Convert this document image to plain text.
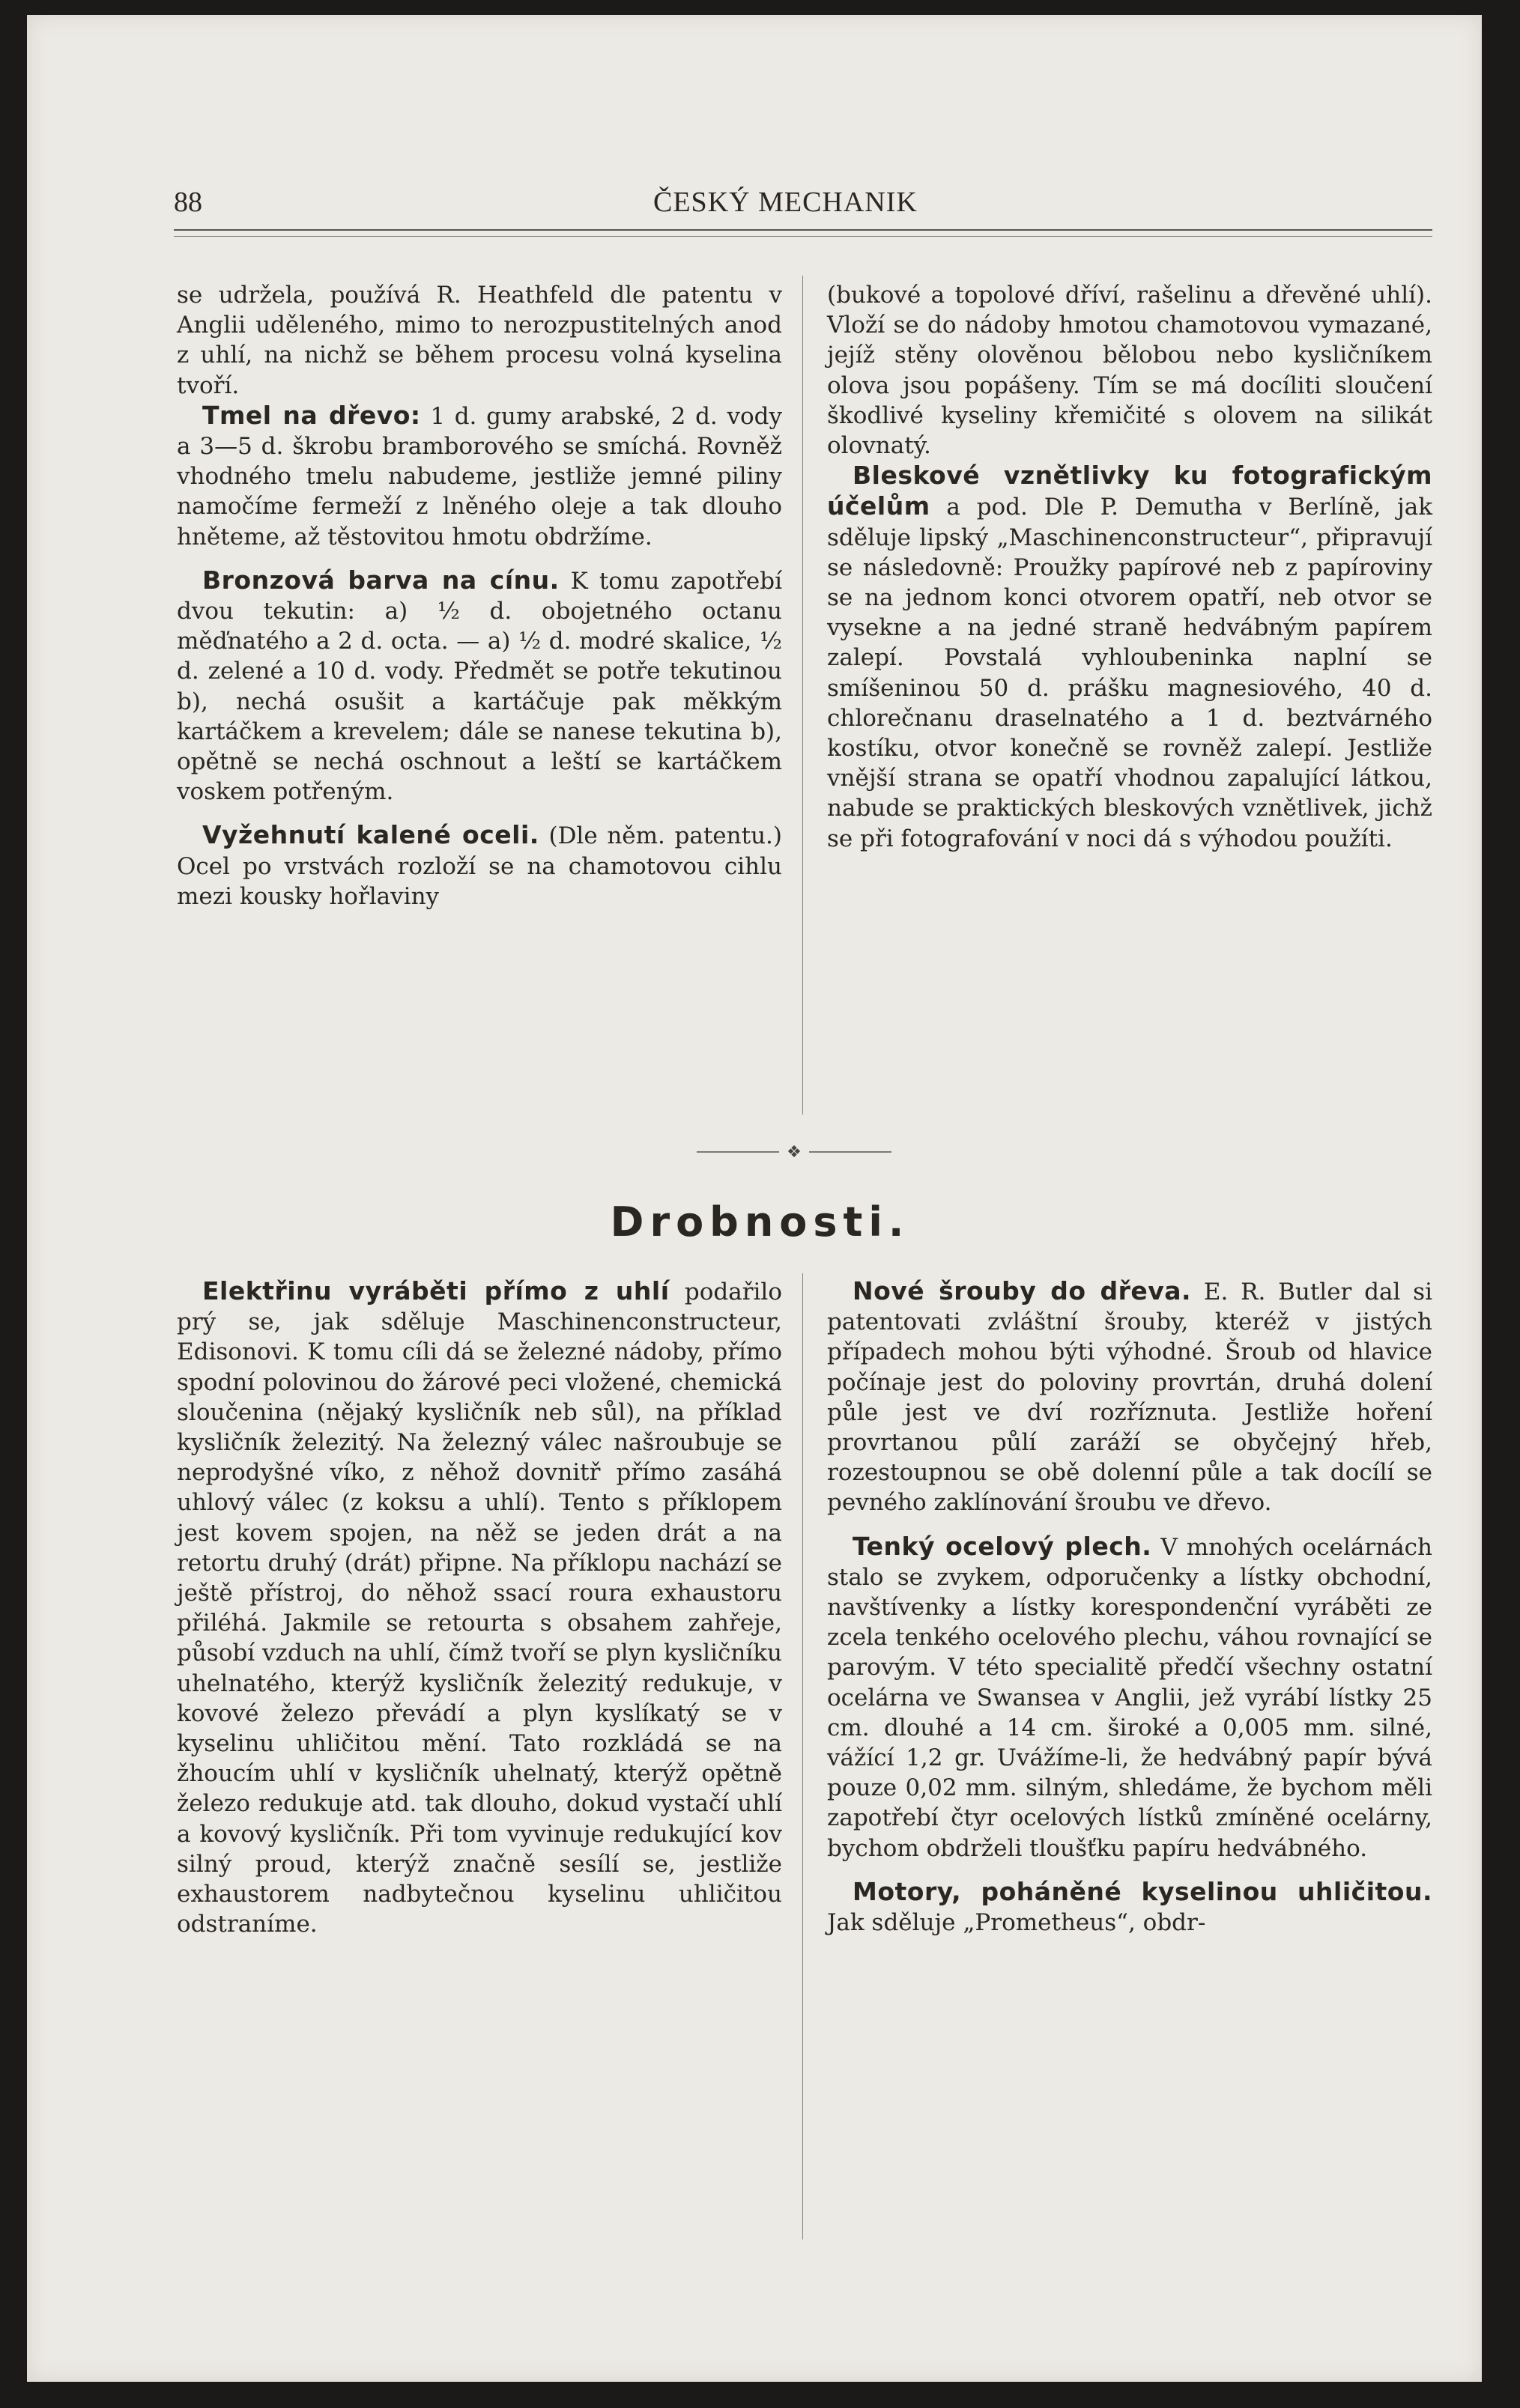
88	ČESKÝ MECHANIK

se udržela, používá R. Heathfeld dle patentu v Anglii uděleného, mimo to nerozpustitelných anod z uhlí, na nichž se během procesu volná kyselina tvoří.

Tmel na dřevo: 1 d. gumy arabské, 2 d. vody a 3—5 d. škrobu bramborového se smíchá. Rovněž vhodného tmelu nabudeme, jestliže jemné piliny namočíme fermeží z lněného oleje a tak dlouho hněteme, až těstovitou hmotu obdržíme.

Bronzová barva na cínu. K tomu zapotřebí dvou tekutin: a) ½ d. obojetného octanu měďnatého a 2 d. octa. — a) ½ d. modré skalice, ½ d. zelené a 10 d. vody. Předmět se potře tekutinou b), nechá osušit a kartáčuje pak měkkým kartáčkem a krevelem; dále se nanese tekutina b), opětně se nechá oschnout a leští se kartáčkem voskem potřeným.

Vyžehnutí kalené oceli. (Dle něm. patentu.) Ocel po vrstvách rozloží se na chamotovou cihlu mezi kousky hořlaviny

(bukové a topolové dříví, rašelinu a dřevěné uhlí). Vloží se do nádoby hmotou chamotovou vymazané, jejíž stěny olověnou bělobou nebo kysličníkem olova jsou popášeny. Tím se má docíliti sloučení škodlivé kyseliny křemičité s olovem na silikát olovnatý.

Bleskové vznětlivky ku fotografickým účelům a pod. Dle P. Demutha v Berlíně, jak sděluje lipský „Maschinenconstructeur“, připravují se následovně: Proužky papírové neb z papíroviny se na jednom konci otvorem opatří, neb otvor se vysekne a na jedné straně hedvábným papírem zalepí. Povstalá vyhloubeninka naplní se smíšeninou 50 d. prášku magnesiového, 40 d. chlorečnanu draselnatého a 1 d. beztvárného kostíku, otvor konečně se rovněž zalepí. Jestliže vnější strana se opatří vhodnou zapalující látkou, nabude se praktických bleskových vznětlivek, jichž se při fotografování v noci dá s výhodou použíti.

❖
Drobnosti.

Elektřinu vyráběti přímo z uhlí podařilo prý se, jak sděluje Maschinenconstructeur, Edisonovi. K tomu cíli dá se železné nádoby, přímo spodní polovinou do žárové peci vložené, chemická sloučenina (nějaký kysličník neb sůl), na příklad kysličník železitý. Na železný válec našroubuje se neprodyšné víko, z něhož dovnitř přímo zasáhá uhlový válec (z koksu a uhlí). Tento s příklopem jest kovem spojen, na něž se jeden drát a na retortu druhý (drát) připne. Na příklopu nachází se ještě přístroj, do něhož ssací roura exhaustoru přiléhá. Jakmile se retourta s obsahem zahřeje, působí vzduch na uhlí, čímž tvoří se plyn kysličníku uhelnatého, kterýž kysličník železitý redukuje, v kovové železo převádí a plyn kyslíkatý se v kyselinu uhličitou mění. Tato rozkládá se na žhoucím uhlí v kysličník uhelnatý, kterýž opětně železo redukuje atd. tak dlouho, dokud vystačí uhlí a kovový kysličník. Při tom vyvinuje redukující kov silný proud, kterýž značně sesílí se, jestliže exhaustorem nadbytečnou kyselinu uhličitou odstraníme.

Nové šrouby do dřeva. E. R. Butler dal si patentovati zvláštní šrouby, kteréž v jistých případech mohou býti výhodné. Šroub od hlavice počínaje jest do poloviny provrtán, druhá dolení půle jest ve dví rozříznuta. Jestliže hoření provrtanou půlí zaráží se obyčejný hřeb, rozestoupnou se obě dolenní půle a tak docílí se pevného zaklínování šroubu ve dřevo.

Tenký ocelový plech. V mnohých ocelárnách stalo se zvykem, odporučenky a lístky obchodní, navštívenky a lístky korespondenční vyráběti ze zcela tenkého ocelového plechu, váhou rovnající se parovým. V této specialitě předčí všechny ostatní ocelárna ve Swansea v Anglii, jež vyrábí lístky 25 cm. dlouhé a 14 cm. široké a 0,005 mm. silné, vážící 1,2 gr. Uvážíme-li, že hedvábný papír bývá pouze 0,02 mm. silným, shledáme, že bychom měli zapotřebí čtyr ocelových lístků zmíněné ocelárny, bychom obdrželi tloušťku papíru hedvábného.

Motory, poháněné kyselinou uhličitou. Jak sděluje „Prometheus“, obdr-
